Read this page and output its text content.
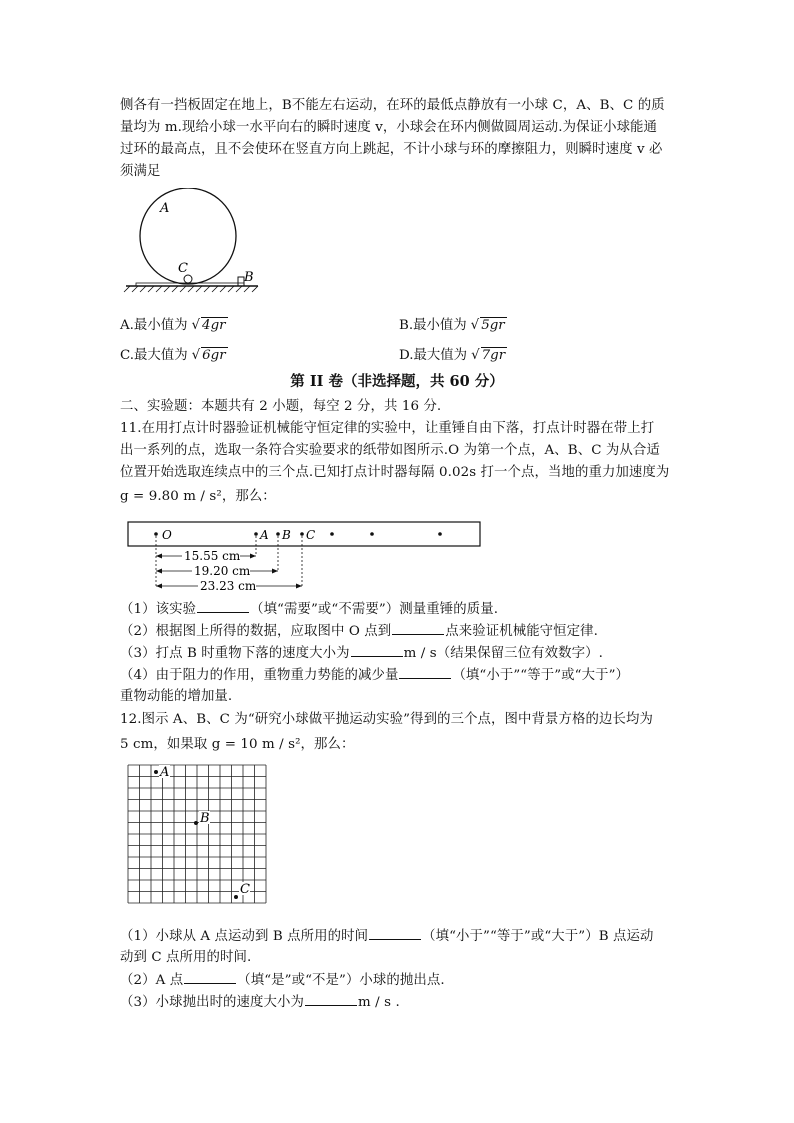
侧各有一挡板固定在地上，B不能左右运动，在环的最低点静放有一小球 C，A、B、C 的质
量均为 m.现给小球一水平向右的瞬时速度 v，小球会在环内侧做圆周运动.为保证小球能通
过环的最高点，且不会使环在竖直方向上跳起，不计小球与环的摩擦阻力，则瞬时速度 v 必
须满足
A
C
B
A.最小值为 √ 4gr	B.最小值为 √ 5gr
C.最大值为 √ 6gr	D.最大值为 √ 7gr
第 II 卷（非选择题，共 60 分）
二、实验题：本题共有 2 小题，每空 2 分，共 16 分.
11.在用打点计时器验证机械能守恒定律的实验中，让重锤自由下落，打点计时器在带上打
出一系列的点，选取一条符合实验要求的纸带如图所示.O 为第一个点，A、B、C 为从合适
位置开始选取连续点中的三个点.已知打点计时器每隔 0.02s 打一个点，当地的重力加速度为
g = 9.80 m / s²，那么：
O	A B C
15.55 cm
19.20 cm
23.23 cm
（1）该实验	（填“需要”或“不需要”）测量重锤的质量.
（2）根据图上所得的数据，应取图中 O 点到	点来验证机械能守恒定律.
（3）打点 B 时重物下落的速度大小为	m / s（结果保留三位有效数字）.
（4）由于阻力的作用，重物重力势能的减少量	（填“小于”“等于”或“大于”）
重物动能的增加量.
12.图示 A、B、C 为“研究小球做平抛运动实验”得到的三个点，图中背景方格的边长均为
5 cm，如果取 g = 10 m / s²，那么：
A
B
C
（1）小球从 A 点运动到 B 点所用的时间	（填“小于”“等于”或“大于”）B 点运动
动到 C 点所用的时间.
（2）A 点	（填“是”或“不是”）小球的抛出点.
（3）小球抛出时的速度大小为	m / s .
